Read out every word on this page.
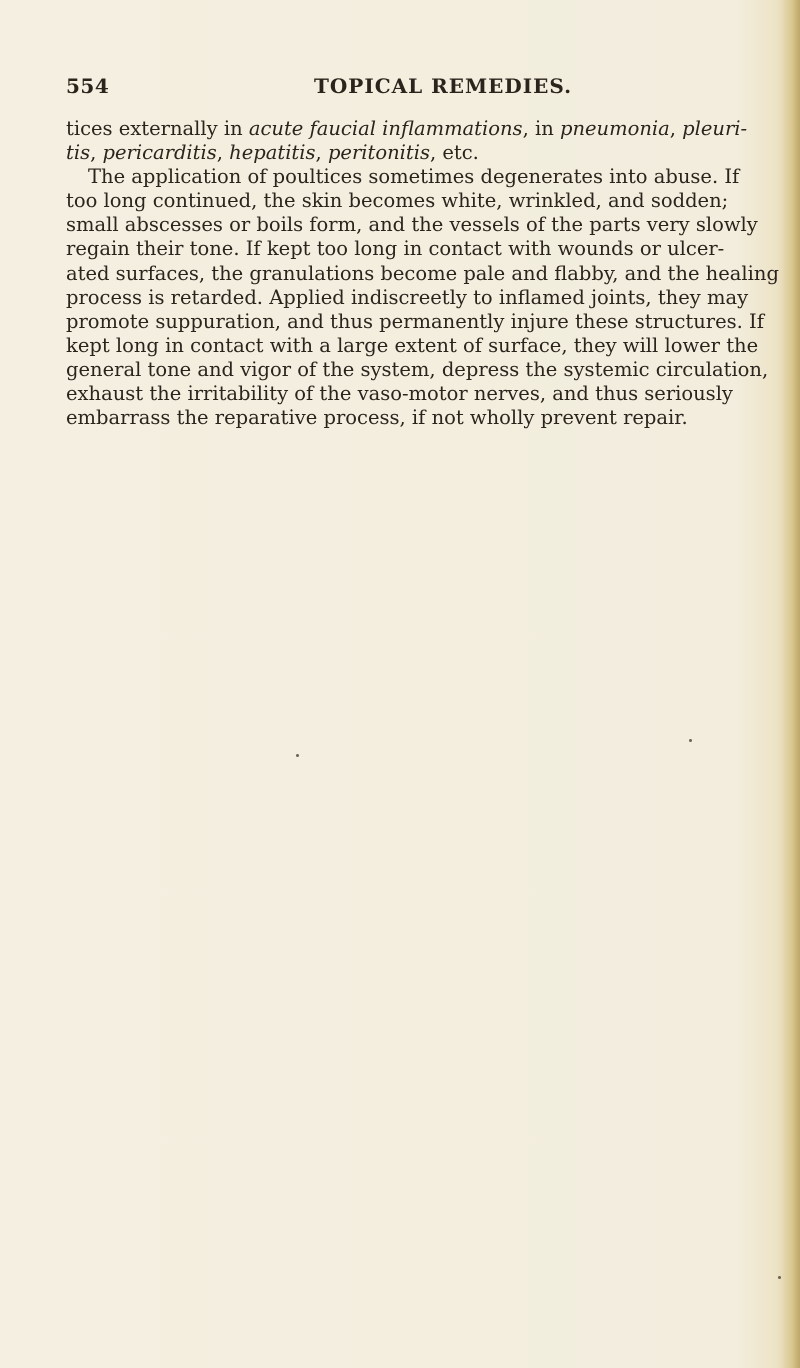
554	TOPICAL REMEDIES.
tices externally in acute faucial inflammations, in pneumonia, pleuri-
tis, pericarditis, hepatitis, peritonitis, etc.
The application of poultices sometimes degenerates into abuse. If
too long continued, the skin becomes white, wrinkled, and sodden;
small abscesses or boils form, and the vessels of the parts very slowly
regain their tone. If kept too long in contact with wounds or ulcer-
ated surfaces, the granulations become pale and flabby, and the healing
process is retarded. Applied indiscreetly to inflamed joints, they may
promote suppuration, and thus permanently injure these structures. If
kept long in contact with a large extent of surface, they will lower the
general tone and vigor of the system, depress the systemic circulation,
exhaust the irritability of the vaso-motor nerves, and thus seriously
embarrass the reparative process, if not wholly prevent repair.
